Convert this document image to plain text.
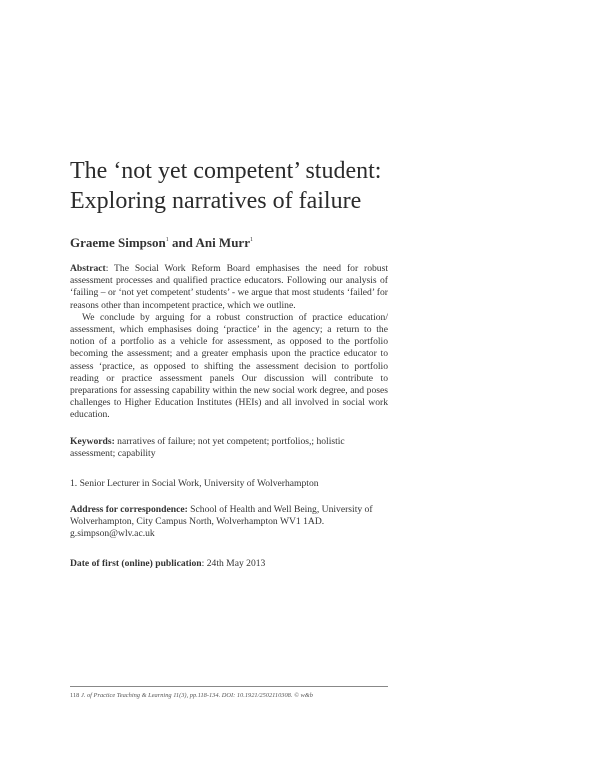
The ‘not yet competent’ student:
Exploring narratives of failure
Graeme Simpson$^1$ and Ani Murr$^1$

Abstract: The Social Work Reform Board emphasises the need for robust assessment processes and qualified practice educators. Following our analysis of ‘failing – or ‘not yet competent’ students’ - we argue that most students ‘failed’ for reasons other than incompetent practice, which we outline.

We conclude by arguing for a robust construction of practice education/ assessment, which emphasises doing ‘practice’ in the agency; a return to the notion of a portfolio as a vehicle for assessment, as opposed to the portfolio becoming the assessment; and a greater emphasis upon the practice educator to assess ‘practice, as opposed to shifting the assessment decision to portfolio reading or practice assessment panels Our discussion will contribute to preparations for assessing capability within the new social work degree, and poses challenges to Higher Education Institutes (HEIs) and all involved in social work education.

Keywords: narratives of failure; not yet competent; portfolios,; holistic assessment; capability
1. Senior Lecturer in Social Work, University of Wolverhampton
Address for correspondence: School of Health and Well Being, University of Wolverhampton, City Campus North, Wolverhampton WV1 1AD.
g.simpson@wlv.ac.uk
Date of first (online) publication: 24th May 2013
118 J. of Practice Teaching & Learning 11(3), pp.118-134. DOI: 10.1921/2502110308. © w&b
